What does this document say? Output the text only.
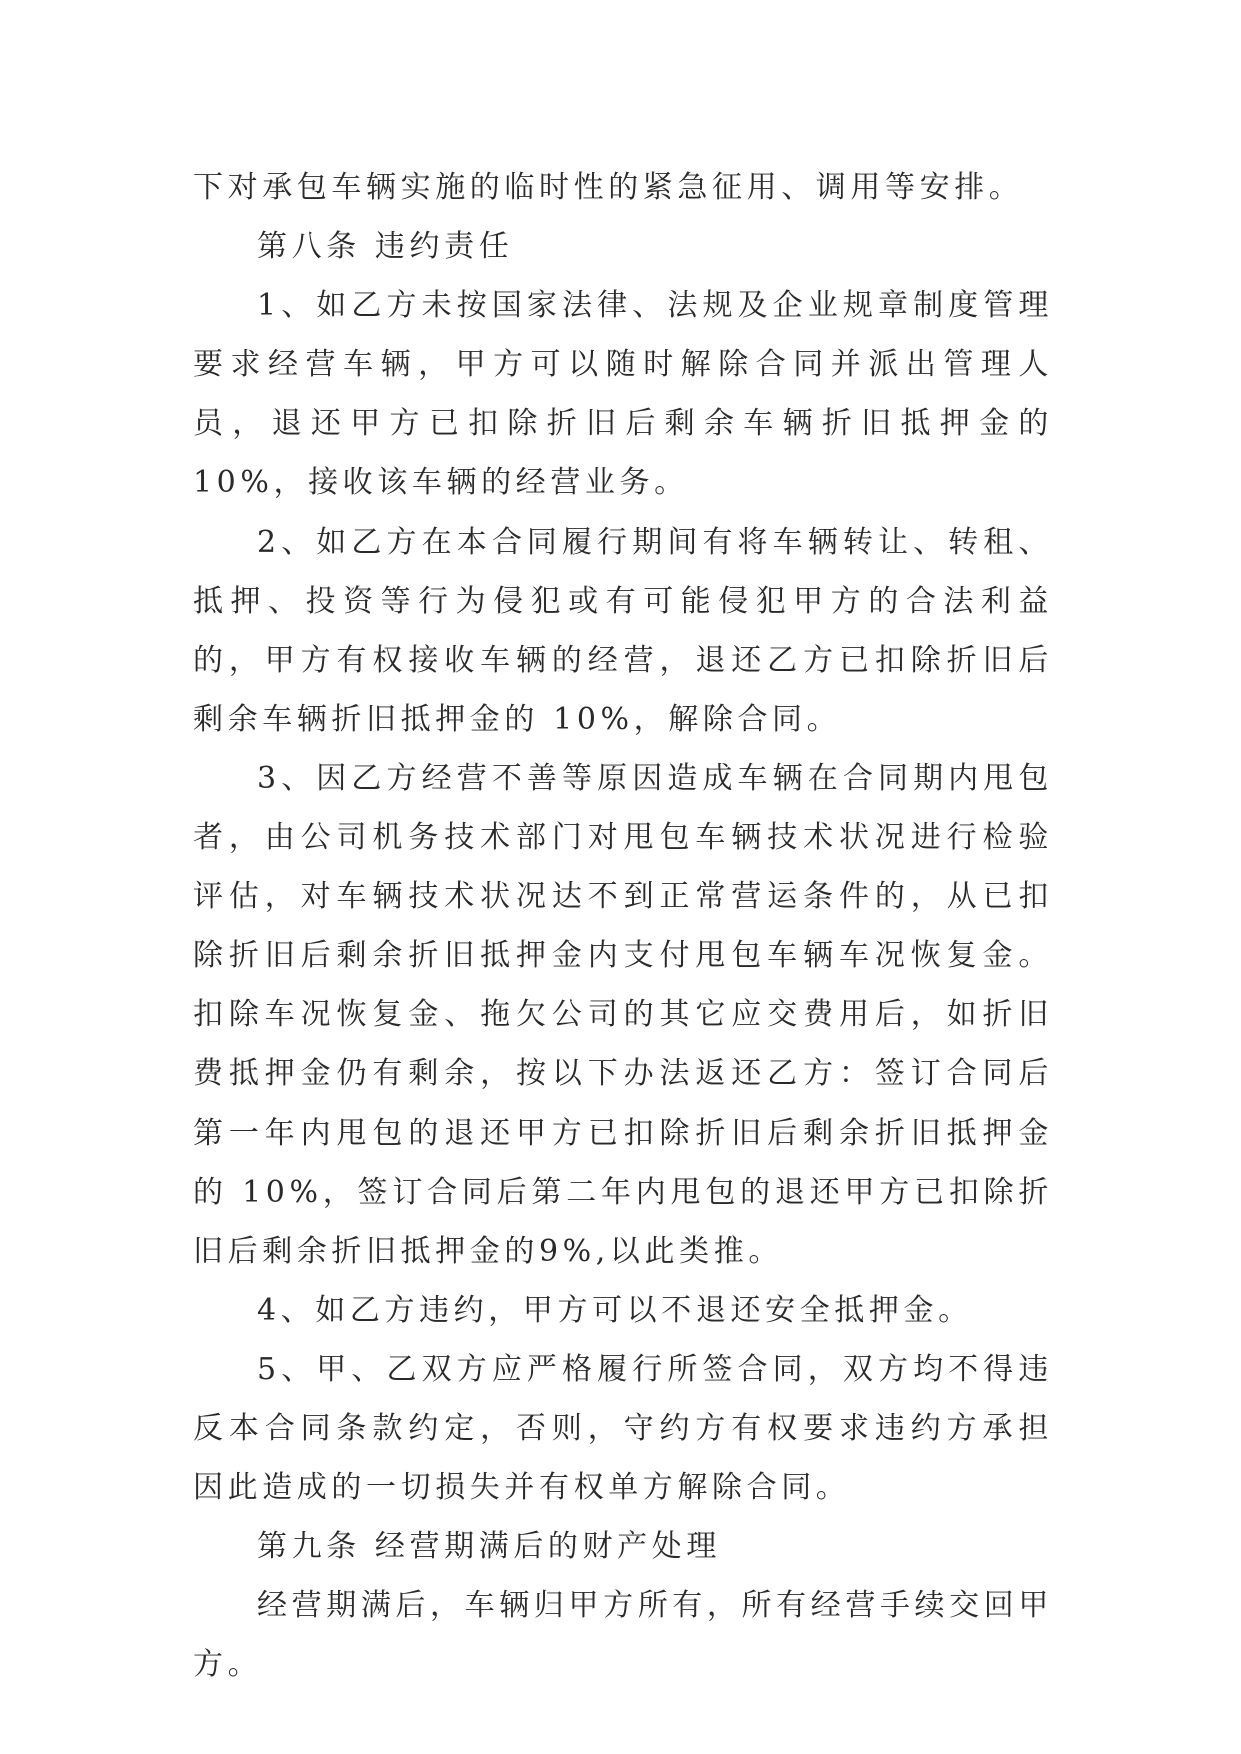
下对承包车辆实施的临时性的紧急征用、调用等安排。

第八条 违约责任

1、如乙方未按国家法律、法规及企业规章制度管理要求经营车辆，甲方可以随时解除合同并派出管理人员，退还甲方已扣除折旧后剩余车辆折旧抵押金的 10%，接收该车辆的经营业务。

2、如乙方在本合同履行期间有将车辆转让、转租、抵押、投资等行为侵犯或有可能侵犯甲方的合法利益的，甲方有权接收车辆的经营，退还乙方已扣除折旧后剩余车辆折旧抵押金的 10%，解除合同。

3、因乙方经营不善等原因造成车辆在合同期内甩包者，由公司机务技术部门对甩包车辆技术状况进行检验评估，对车辆技术状况达不到正常营运条件的，从已扣除折旧后剩余折旧抵押金内支付甩包车辆车况恢复金。扣除车况恢复金、拖欠公司的其它应交费用后，如折旧费抵押金仍有剩余，按以下办法返还乙方：签订合同后第一年内甩包的退还甲方已扣除折旧后剩余折旧抵押金的 10%，签订合同后第二年内甩包的退还甲方已扣除折旧后剩余折旧抵押金的9%,以此类推。

4、如乙方违约，甲方可以不退还安全抵押金。

5、甲、乙双方应严格履行所签合同，双方均不得违反本合同条款约定，否则，守约方有权要求违约方承担因此造成的一切损失并有权单方解除合同。

第九条 经营期满后的财产处理

经营期满后，车辆归甲方所有，所有经营手续交回甲方。
